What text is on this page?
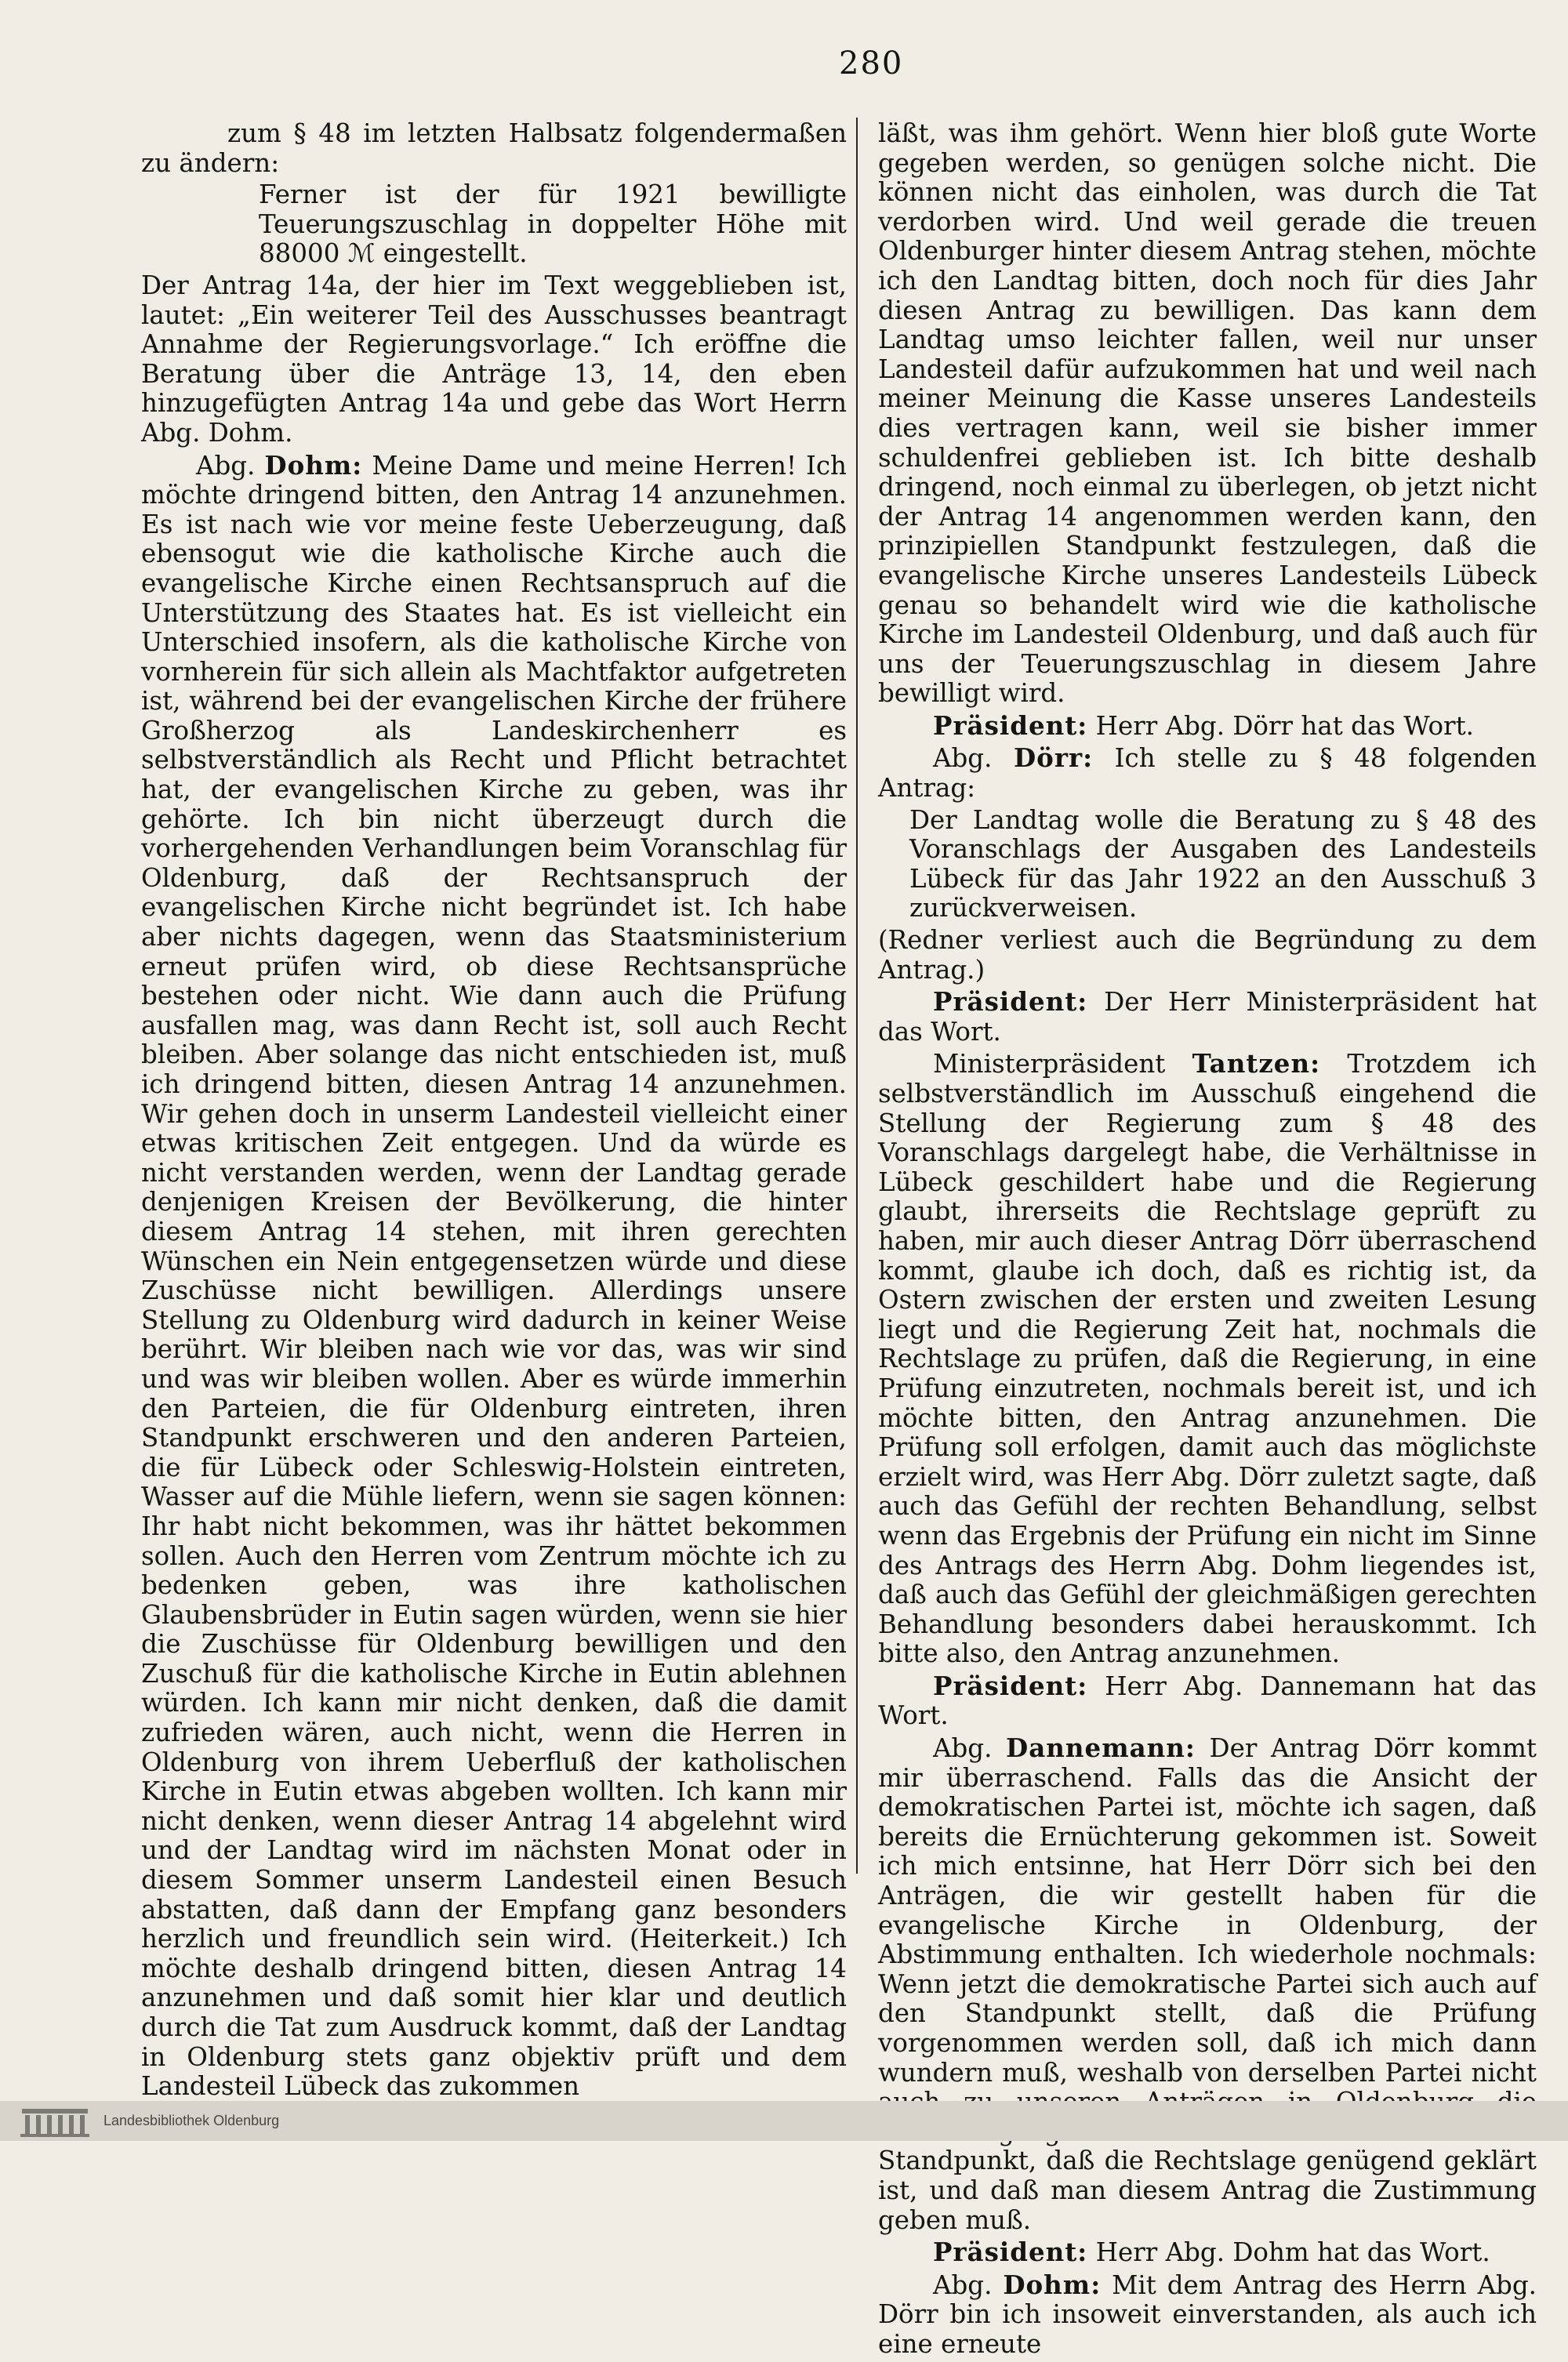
280

zum § 48 im letzten Halbsatz folgendermaßen zu ändern:

Ferner ist der für 1921 bewilligte Teuerungszuschlag in doppelter Höhe mit 88000 ℳ eingestellt.

Der Antrag 14a, der hier im Text weggeblieben ist, lautet: „Ein weiterer Teil des Ausschusses beantragt Annahme der Regierungsvorlage.“ Ich eröffne die Beratung über die Anträge 13, 14, den eben hinzugefügten Antrag 14a und gebe das Wort Herrn Abg. Dohm.

Abg. Dohm: Meine Dame und meine Herren! Ich möchte dringend bitten, den Antrag 14 anzunehmen. Es ist nach wie vor meine feste Ueberzeugung, daß ebensogut wie die katholische Kirche auch die evangelische Kirche einen Rechtsanspruch auf die Unterstützung des Staates hat. Es ist vielleicht ein Unterschied insofern, als die katholische Kirche von vornherein für sich allein als Machtfaktor aufgetreten ist, während bei der evangelischen Kirche der frühere Großherzog als Landeskirchenherr es selbstverständlich als Recht und Pflicht betrachtet hat, der evangelischen Kirche zu geben, was ihr gehörte. Ich bin nicht überzeugt durch die vorhergehenden Verhandlungen beim Voranschlag für Oldenburg, daß der Rechtsanspruch der evangelischen Kirche nicht begründet ist. Ich habe aber nichts dagegen, wenn das Staatsministerium erneut prüfen wird, ob diese Rechtsansprüche bestehen oder nicht. Wie dann auch die Prüfung ausfallen mag, was dann Recht ist, soll auch Recht bleiben. Aber solange das nicht entschieden ist, muß ich dringend bitten, diesen Antrag 14 anzunehmen. Wir gehen doch in unserm Landesteil vielleicht einer etwas kritischen Zeit entgegen. Und da würde es nicht verstanden werden, wenn der Landtag gerade denjenigen Kreisen der Bevölkerung, die hinter diesem Antrag 14 stehen, mit ihren gerechten Wünschen ein Nein entgegensetzen würde und diese Zuschüsse nicht bewilligen. Allerdings unsere Stellung zu Oldenburg wird dadurch in keiner Weise berührt. Wir bleiben nach wie vor das, was wir sind und was wir bleiben wollen. Aber es würde immerhin den Parteien, die für Oldenburg eintreten, ihren Standpunkt erschweren und den anderen Parteien, die für Lübeck oder Schleswig-Holstein eintreten, Wasser auf die Mühle liefern, wenn sie sagen können: Ihr habt nicht bekommen, was ihr hättet bekommen sollen. Auch den Herren vom Zentrum möchte ich zu bedenken geben, was ihre katholischen Glaubensbrüder in Eutin sagen würden, wenn sie hier die Zuschüsse für Oldenburg bewilligen und den Zuschuß für die katholische Kirche in Eutin ablehnen würden. Ich kann mir nicht denken, daß die damit zufrieden wären, auch nicht, wenn die Herren in Oldenburg von ihrem Ueberfluß der katholischen Kirche in Eutin etwas abgeben wollten. Ich kann mir nicht denken, wenn dieser Antrag 14 abgelehnt wird und der Landtag wird im nächsten Monat oder in diesem Sommer unserm Landesteil einen Besuch abstatten, daß dann der Empfang ganz besonders herzlich und freundlich sein wird. (Heiterkeit.) Ich möchte deshalb dringend bitten, diesen Antrag 14 anzunehmen und daß somit hier klar und deutlich durch die Tat zum Ausdruck kommt, daß der Landtag in Oldenburg stets ganz objektiv prüft und dem Landesteil Lübeck das zukommen

läßt, was ihm gehört. Wenn hier bloß gute Worte gegeben werden, so genügen solche nicht. Die können nicht das einholen, was durch die Tat verdorben wird. Und weil gerade die treuen Oldenburger hinter diesem Antrag stehen, möchte ich den Landtag bitten, doch noch für dies Jahr diesen Antrag zu bewilligen. Das kann dem Landtag umso leichter fallen, weil nur unser Landesteil dafür aufzukommen hat und weil nach meiner Meinung die Kasse unseres Landesteils dies vertragen kann, weil sie bisher immer schuldenfrei geblieben ist. Ich bitte deshalb dringend, noch einmal zu überlegen, ob jetzt nicht der Antrag 14 angenommen werden kann, den prinzipiellen Standpunkt festzulegen, daß die evangelische Kirche unseres Landesteils Lübeck genau so behandelt wird wie die katholische Kirche im Landesteil Oldenburg, und daß auch für uns der Teuerungszuschlag in diesem Jahre bewilligt wird.

Präsident: Herr Abg. Dörr hat das Wort.

Abg. Dörr: Ich stelle zu § 48 folgenden Antrag:

Der Landtag wolle die Beratung zu § 48 des Voranschlags der Ausgaben des Landesteils Lübeck für das Jahr 1922 an den Ausschuß 3 zurückverweisen.

(Redner verliest auch die Begründung zu dem Antrag.)

Präsident: Der Herr Ministerpräsident hat das Wort.

Ministerpräsident Tantzen: Trotzdem ich selbstverständlich im Ausschuß eingehend die Stellung der Regierung zum § 48 des Voranschlags dargelegt habe, die Verhältnisse in Lübeck geschildert habe und die Regierung glaubt, ihrerseits die Rechtslage geprüft zu haben, mir auch dieser Antrag Dörr überraschend kommt, glaube ich doch, daß es richtig ist, da Ostern zwischen der ersten und zweiten Lesung liegt und die Regierung Zeit hat, nochmals die Rechtslage zu prüfen, daß die Regierung, in eine Prüfung einzutreten, nochmals bereit ist, und ich möchte bitten, den Antrag anzunehmen. Die Prüfung soll erfolgen, damit auch das möglichste erzielt wird, was Herr Abg. Dörr zuletzt sagte, daß auch das Gefühl der rechten Behandlung, selbst wenn das Ergebnis der Prüfung ein nicht im Sinne des Antrags des Herrn Abg. Dohm liegendes ist, daß auch das Gefühl der gleichmäßigen gerechten Behandlung besonders dabei herauskommt. Ich bitte also, den Antrag anzunehmen.

Präsident: Herr Abg. Dannemann hat das Wort.

Abg. Dannemann: Der Antrag Dörr kommt mir überraschend. Falls das die Ansicht der demokratischen Partei ist, möchte ich sagen, daß bereits die Ernüchterung gekommen ist. Soweit ich mich entsinne, hat Herr Dörr sich bei den Anträgen, die wir gestellt haben für die evangelische Kirche in Oldenburg, der Abstimmung enthalten. Ich wiederhole nochmals: Wenn jetzt die demokratische Partei sich auch auf den Standpunkt stellt, daß die Prüfung vorgenommen werden soll, daß ich mich dann wundern muß, weshalb von derselben Partei nicht Standpunkt, daß die Rechtslage genügend geklärt ist, und daß man diesem Antrag die Zustimmung geben muß.

Präsident: Herr Abg. Dohm hat das Wort.

Abg. Dohm: Mit dem Antrag des Herrn Abg. Dörr bin ich insoweit einverstanden, als auch ich eine erneute

Landesbibliothek Oldenburg
